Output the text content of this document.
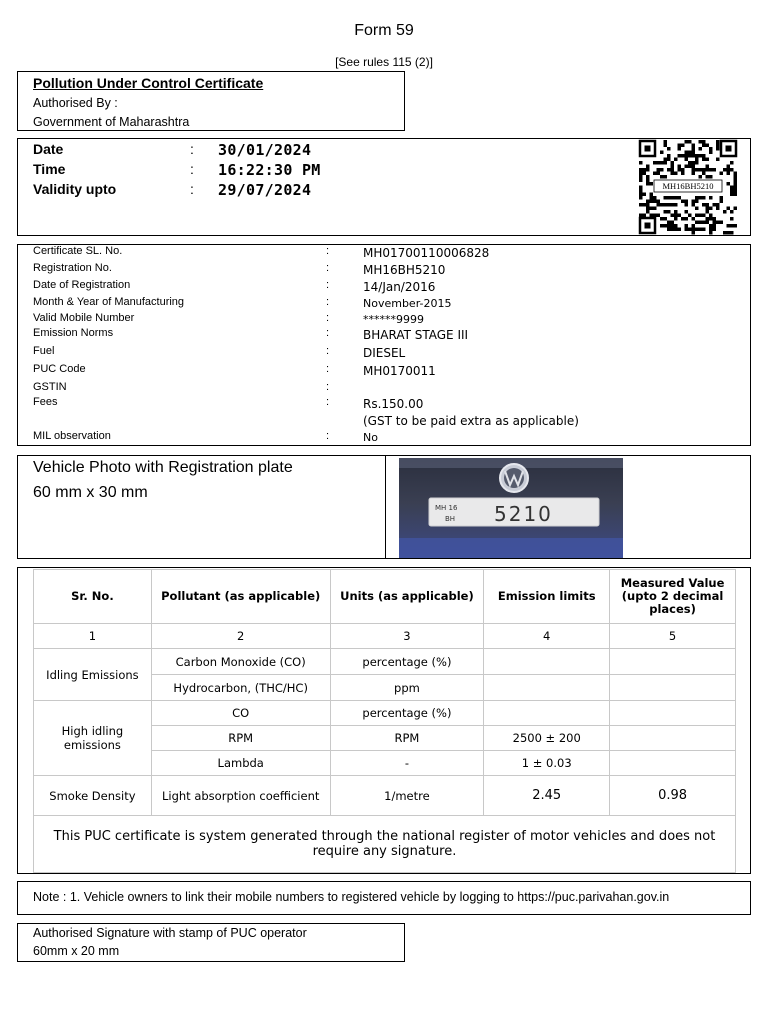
Form 59
[See rules 115 (2)]
Pollution Under Control Certificate
Authorised By :
Government of Maharashtra
Date	: 30/01/2024
Time	: 16:22:30 PM
Validity upto	: 29/07/2024	MH16BH5210
Certificate SL. No.	:	MH01700110006828
Registration No.	:	MH16BH5210
Date of Registration	:	14/Jan/2016
Month & Year of Manufacturing	:	November-2015
Valid Mobile Number	:	******9999
Emission Norms	:	BHARAT STAGE III
Fuel	:	DIESEL
PUC Code	:	MH0170011
GSTIN	:
Fees	:	Rs.150.00
(GST to be paid extra as applicable)
MIL observation	:	No
Vehicle Photo with Registration plate
60 mm x 30 mm
MH 16
BH 5210
Sr. No.	Pollutant (as applicable)	Units (as applicable)	Emission limits	Measured Value (upto 2 decimal places)
1	2	3	4	5
Idling Emissions	Carbon Monoxide (CO)	percentage (%)		
	Hydrocarbon, (THC/HC)	ppm		
High idling emissions	CO	percentage (%)		
	RPM	RPM	2500 ± 200	
	Lambda	-	1 ± 0.03	
Smoke Density	Light absorption coefficient	1/metre	2.45	0.98
This PUC certificate is system generated through the national register of motor vehicles and does not require any signature.				
Note : 1. Vehicle owners to link their mobile numbers to registered vehicle by logging to https://puc.parivahan.gov.in
Authorised Signature with stamp of PUC operator
60mm x 20 mm
